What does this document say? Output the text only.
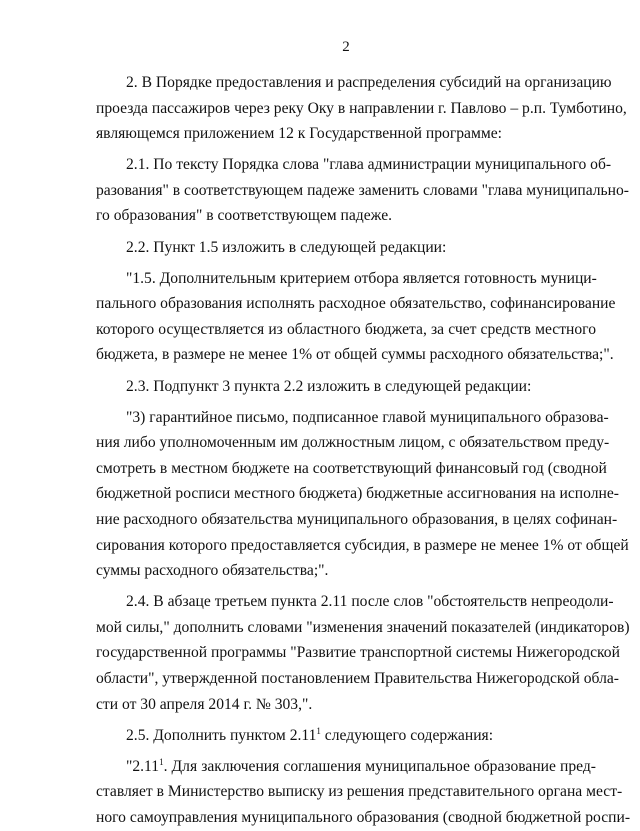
2
2. В Порядке предоставления и распределения субсидий на организацию
проезда пассажиров через реку Оку в направлении г. Павлово – р.п. Тумботино,
являющемся приложением 12 к Государственной программе:
2.1. По тексту Порядка слова "глава администрации муниципального об-
разования" в соответствующем падеже заменить словами "глава муниципально-
го образования" в соответствующем падеже.
2.2. Пункт 1.5 изложить в следующей редакции:
"1.5. Дополнительным критерием отбора является готовность муници-
пального образования исполнять расходное обязательство, софинансирование
которого осуществляется из областного бюджета, за счет средств местного
бюджета, в размере не менее 1% от общей суммы расходного обязательства;".
2.3. Подпункт 3 пункта 2.2 изложить в следующей редакции:
"3) гарантийное письмо, подписанное главой муниципального образова-
ния либо уполномоченным им должностным лицом, с обязательством преду-
смотреть в местном бюджете на соответствующий финансовый год (сводной
бюджетной росписи местного бюджета) бюджетные ассигнования на исполне-
ние расходного обязательства муниципального образования, в целях софинан-
сирования которого предоставляется субсидия, в размере не менее 1% от общей
суммы расходного обязательства;".
2.4. В абзаце третьем пункта 2.11 после слов "обстоятельств непреодоли-
мой силы," дополнить словами "изменения значений показателей (индикаторов)
государственной программы "Развитие транспортной системы Нижегородской
области", утвержденной постановлением Правительства Нижегородской обла-
сти от 30 апреля 2014 г. № 303,".
2.5. Дополнить пунктом 2.11$^1$ следующего содержания:
"2.11$^1$. Для заключения соглашения муниципальное образование пред-
ставляет в Министерство выписку из решения представительного органа мест-
ного самоуправления муниципального образования (сводной бюджетной роспи-
